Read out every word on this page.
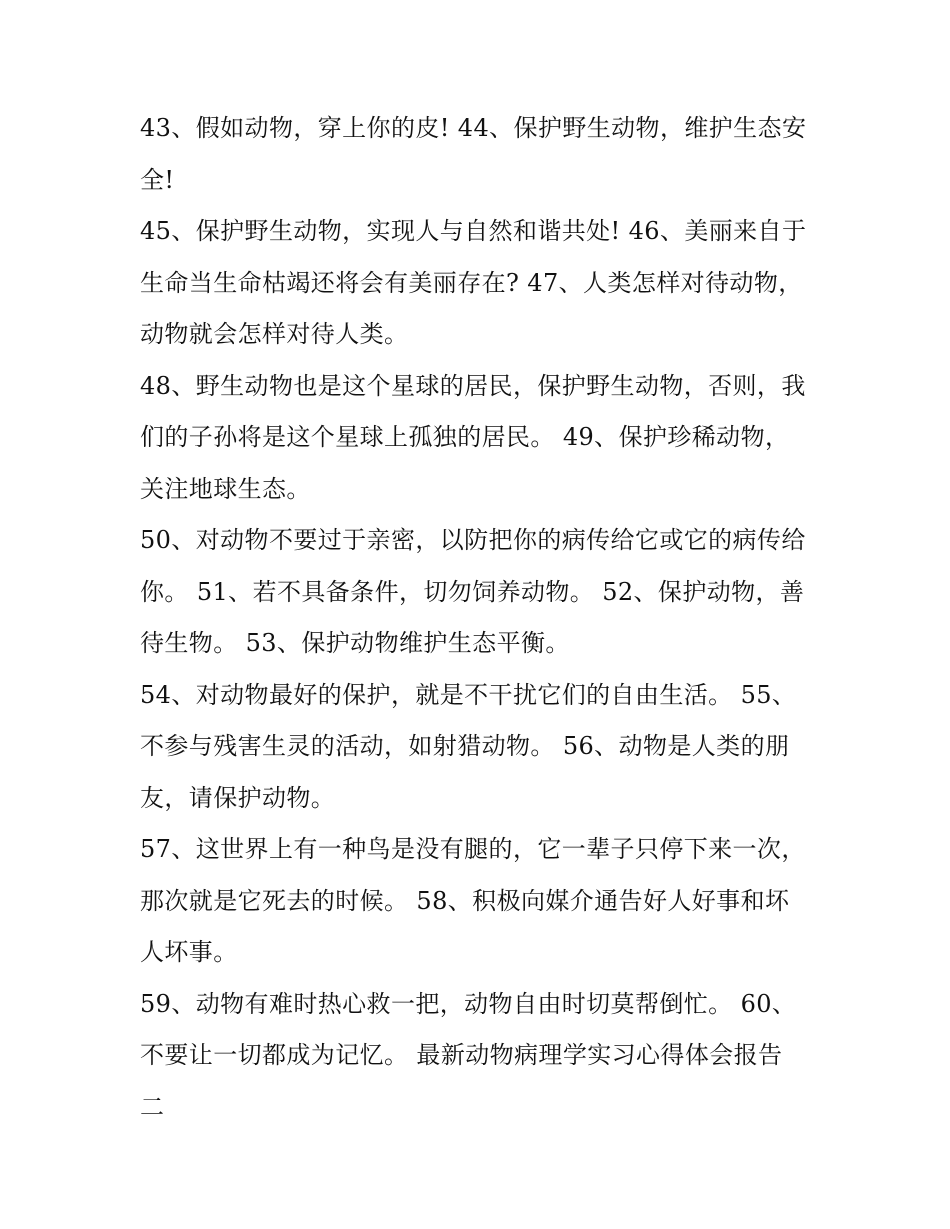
43、假如动物，穿上你的皮! 44、保护野生动物，维护生态安
全!

45、保护野生动物，实现人与自然和谐共处! 46、美丽来自于
生命当生命枯竭还将会有美丽存在? 47、人类怎样对待动物，
动物就会怎样对待人类。

48、野生动物也是这个星球的居民，保护野生动物，否则，我
们的子孙将是这个星球上孤独的居民。 49、保护珍稀动物，
关注地球生态。

50、对动物不要过于亲密，以防把你的病传给它或它的病传给
你。 51、若不具备条件，切勿饲养动物。 52、保护动物，善
待生物。 53、保护动物维护生态平衡。

54、对动物最好的保护，就是不干扰它们的自由生活。 55、
不参与残害生灵的活动，如射猎动物。 56、动物是人类的朋
友，请保护动物。

57、这世界上有一种鸟是没有腿的，它一辈子只停下来一次，
那次就是它死去的时候。 58、积极向媒介通告好人好事和坏
人坏事。

59、动物有难时热心救一把，动物自由时切莫帮倒忙。 60、
不要让一切都成为记忆。 最新动物病理学实习心得体会报告
二
